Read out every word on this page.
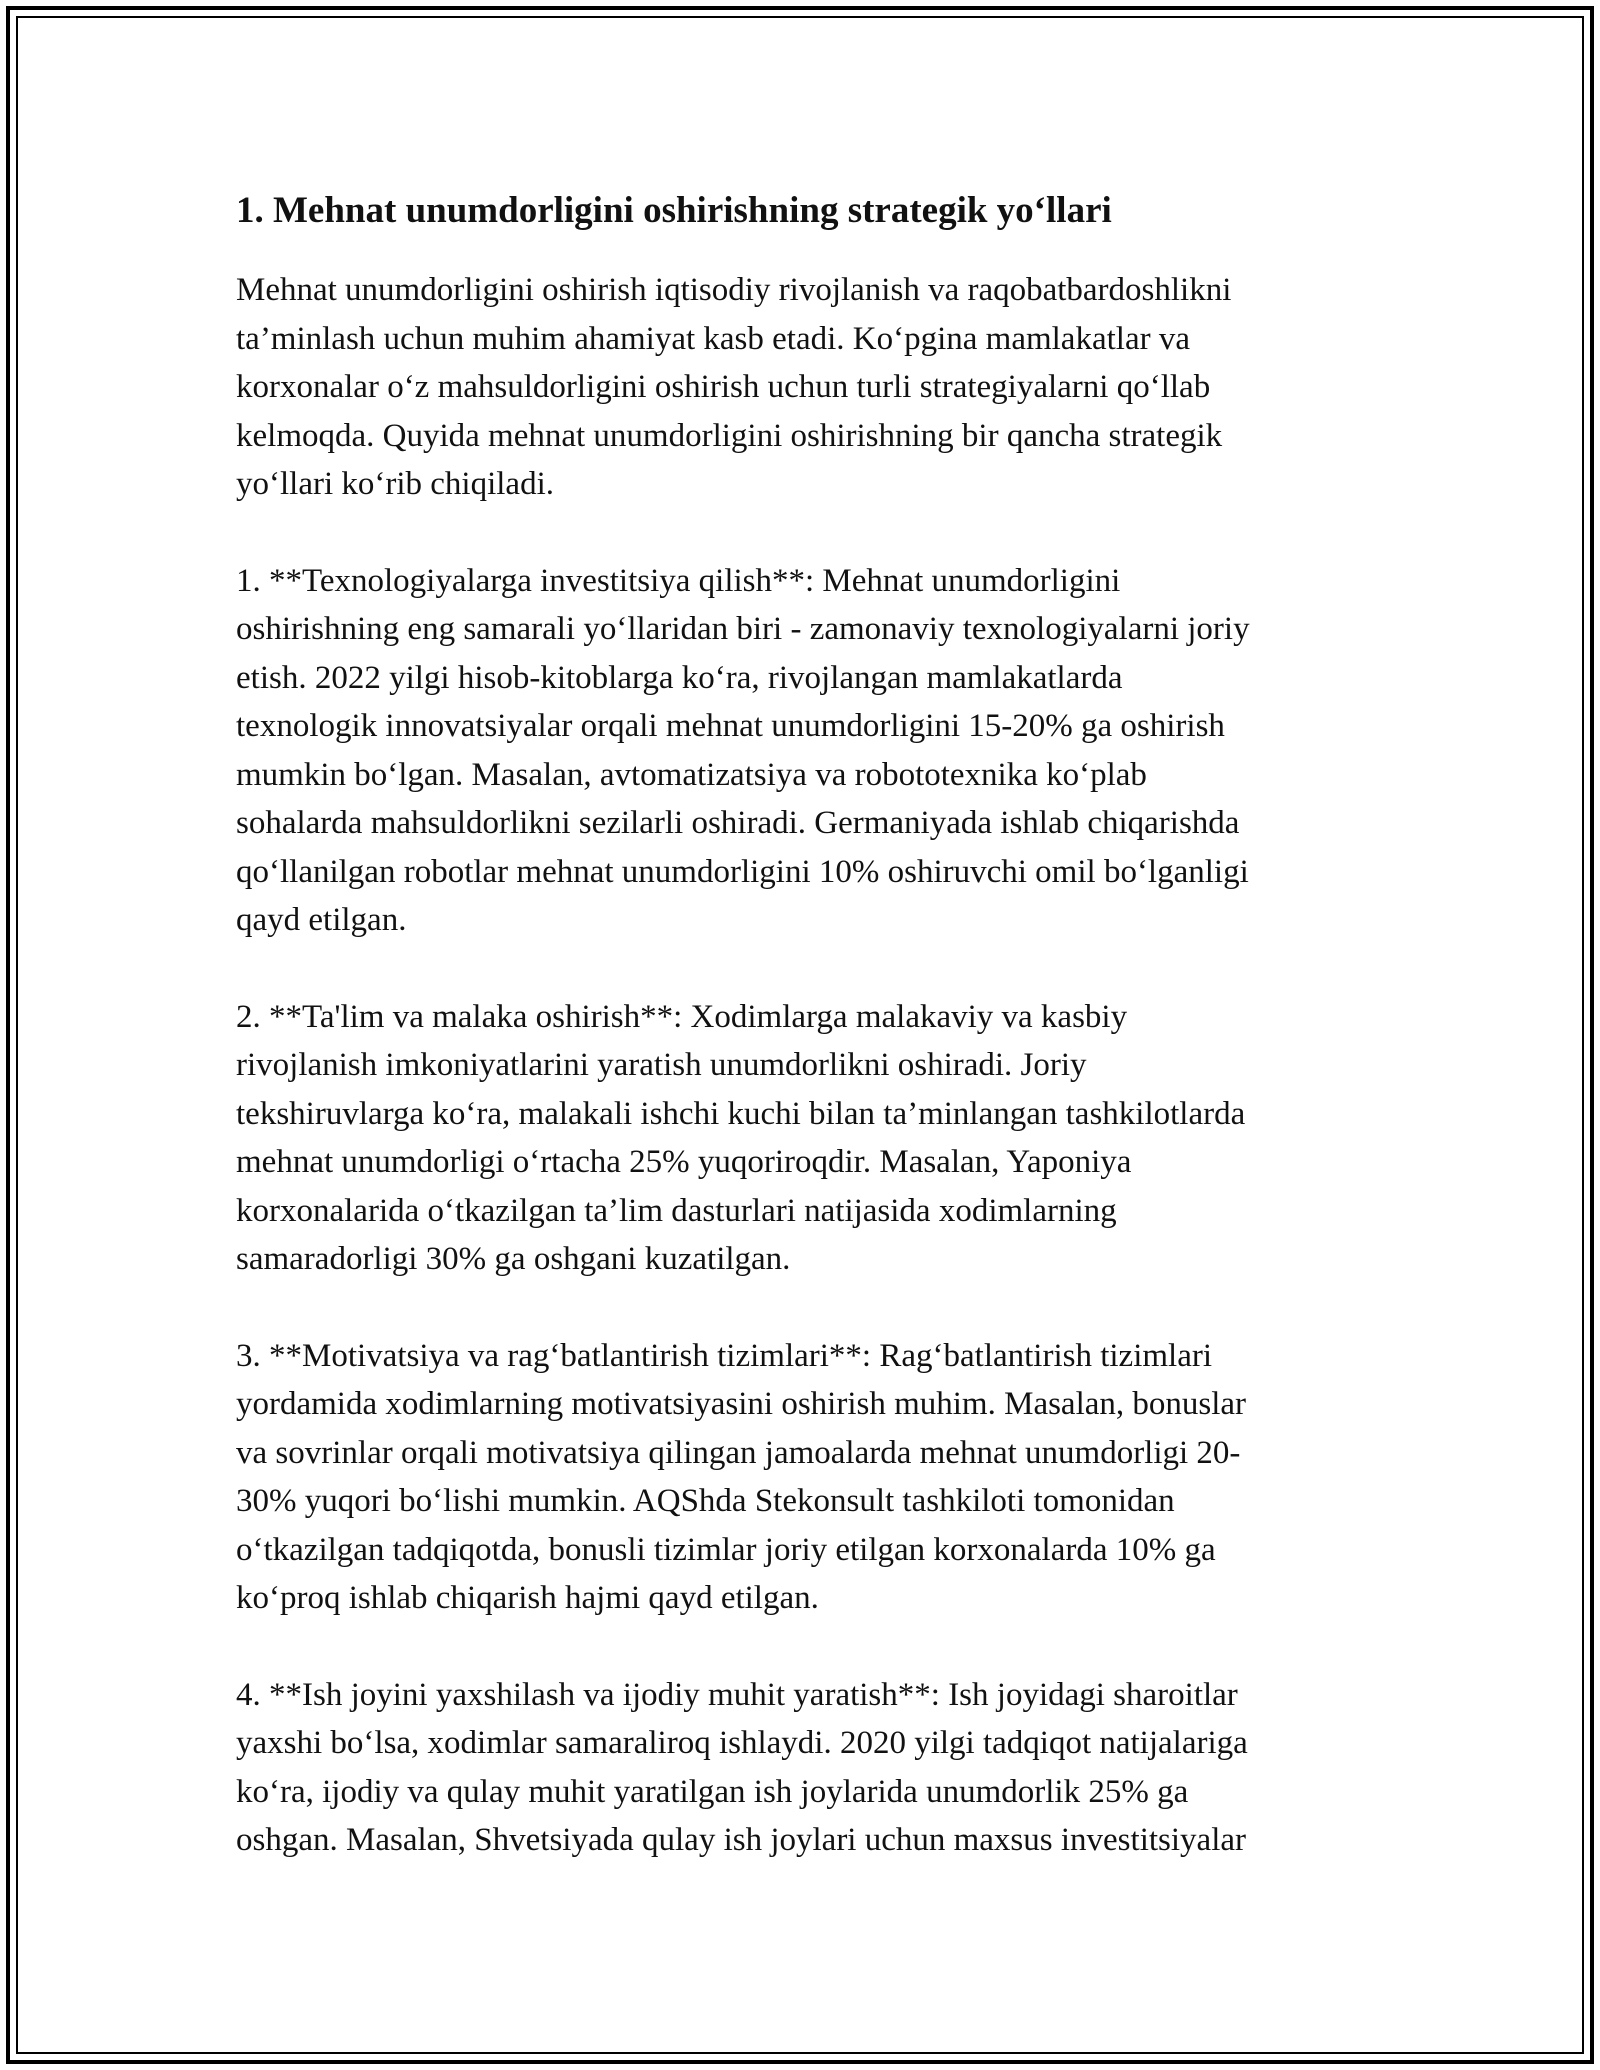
1. Mehnat unumdorligini oshirishning strategik yo‘llari

Mehnat unumdorligini oshirish iqtisodiy rivojlanish va raqobatbardoshlikni
ta’minlash uchun muhim ahamiyat kasb etadi. Ko‘pgina mamlakatlar va
korxonalar o‘z mahsuldorligini oshirish uchun turli strategiyalarni qo‘llab
kelmoqda. Quyida mehnat unumdorligini oshirishning bir qancha strategik
yo‘llari ko‘rib chiqiladi.

1. **Texnologiyalarga investitsiya qilish**: Mehnat unumdorligini
oshirishning eng samarali yo‘llaridan biri - zamonaviy texnologiyalarni joriy
etish. 2022 yilgi hisob-kitoblarga ko‘ra, rivojlangan mamlakatlarda
texnologik innovatsiyalar orqali mehnat unumdorligini 15-20% ga oshirish
mumkin bo‘lgan. Masalan, avtomatizatsiya va robototexnika ko‘plab
sohalarda mahsuldorlikni sezilarli oshiradi. Germaniyada ishlab chiqarishda
qo‘llanilgan robotlar mehnat unumdorligini 10% oshiruvchi omil bo‘lganligi
qayd etilgan.

2. **Ta'lim va malaka oshirish**: Xodimlarga malakaviy va kasbiy
rivojlanish imkoniyatlarini yaratish unumdorlikni oshiradi. Joriy
tekshiruvlarga ko‘ra, malakali ishchi kuchi bilan ta’minlangan tashkilotlarda
mehnat unumdorligi o‘rtacha 25% yuqoriroqdir. Masalan, Yaponiya
korxonalarida o‘tkazilgan ta’lim dasturlari natijasida xodimlarning
samaradorligi 30% ga oshgani kuzatilgan.

3. **Motivatsiya va rag‘batlantirish tizimlari**: Rag‘batlantirish tizimlari
yordamida xodimlarning motivatsiyasini oshirish muhim. Masalan, bonuslar
va sovrinlar orqali motivatsiya qilingan jamoalarda mehnat unumdorligi 20-
30% yuqori bo‘lishi mumkin. AQShda Stekonsult tashkiloti tomonidan
o‘tkazilgan tadqiqotda, bonusli tizimlar joriy etilgan korxonalarda 10% ga
ko‘proq ishlab chiqarish hajmi qayd etilgan.

4. **Ish joyini yaxshilash va ijodiy muhit yaratish**: Ish joyidagi sharoitlar
yaxshi bo‘lsa, xodimlar samaraliroq ishlaydi. 2020 yilgi tadqiqot natijalariga
ko‘ra, ijodiy va qulay muhit yaratilgan ish joylarida unumdorlik 25% ga
oshgan. Masalan, Shvetsiyada qulay ish joylari uchun maxsus investitsiyalar
